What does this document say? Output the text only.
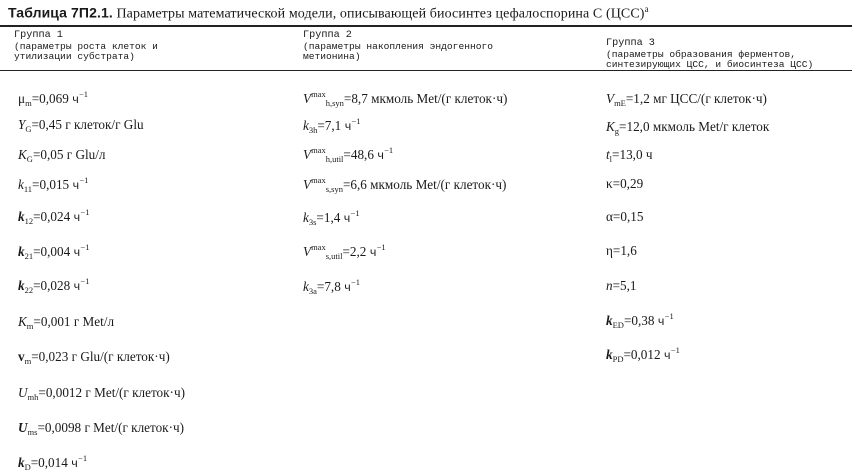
Таблица 7П2.1. Параметры математической модели, описывающей биосинтез цефалоспорина С (ЦСС)$^а$
Группа 1
(параметры роста клеток и
утилизации субстрата)
Группа 2
(параметры накопления эндогенного
метионина)
Группа 3
(параметры образования ферментов,
синтезирующих ЦСС, и биосинтеза ЦСС)
$\mu_m=0,069$ $ч^{-1}$
$Y_G=0,45$ г клеток/г Glu
$K_G=0,05$ г Glu/л
$k_{11}=0,015$ $ч^{-1}$
$k_{12}=0,024$ $ч^{-1}$
$k_{21}=0,004$ $ч^{-1}$
$k_{22}=0,028$ $ч^{-1}$
$K_m=0,001$ г Met/л
$v_m=0,023$ г Glu/(г клеток·ч)
$U_{mh}=0,0012$ г Met/(г клеток·ч)
$U_{ms}=0,0098$ г Met/(г клеток·ч)
$k_D=0,014$ $ч^{-1}$
$V^{max}_{h,syn}=8,7$ мкмоль Met/(г клеток·ч)
$k_{3h}=7,1$ $ч^{-1}$
$V^{max}_{h,util}=48,6$ $ч^{-1}$
$V^{max}_{s,syn}=6,6$ мкмоль Met/(г клеток·ч)
$k_{3s}=1,4$ $ч^{-1}$
$V^{max}_{s,util}=2,2$ $ч^{-1}$
$k_{3a}=7,8$ $ч^{-1}$
$V_{mE}=1,2$ мг ЦСС/(г клеток·ч)
$K_g=12,0$ мкмоль Met/г клеток
$t_l=13,0$ ч
κ=0,29
α=0,15
η=1,6
n=5,1
$k_{ED}=0,38$ $ч^{-1}$
$k_{PD}=0,012$ $ч^{-1}$
